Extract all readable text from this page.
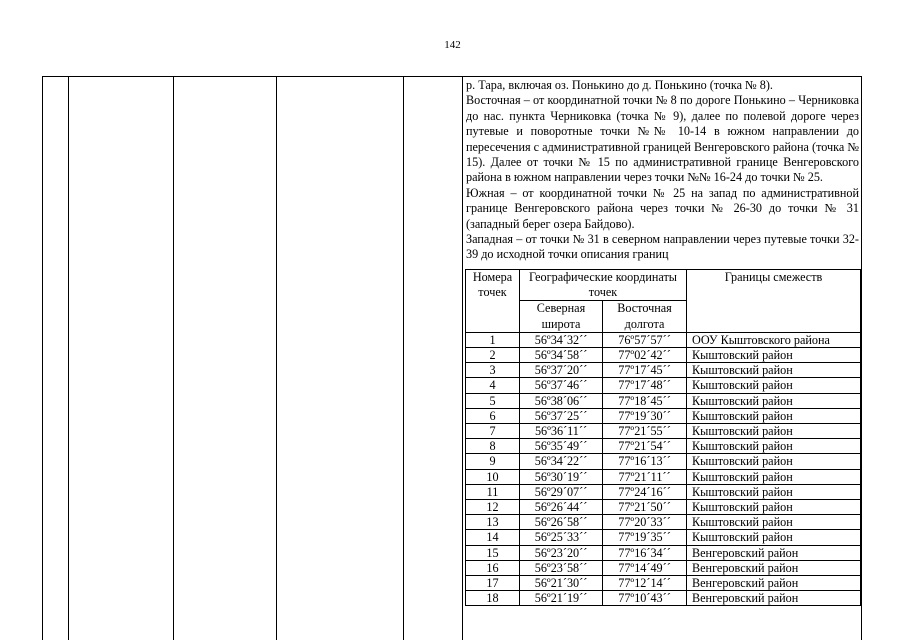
142

р. Тара, включая оз. Понькино до д. Понькино (точка № 8).

Восточная – от координатной точки № 8 по дороге Понькино – Черниковка до нас. пункта Черниковка (точка № 9), далее по полевой дороге через путевые и поворотные точки №№ 10-14 в южном направлении до пересечения с административной границей Венгеровского района (точка № 15). Далее от точки № 15 по административной границе Венгеровского района в южном направлении через точки №№ 16-24 до точки № 25.

Южная – от координатной точки № 25 на запад по административной границе Венгеровского района через точки № 26-30 до точки № 31 (западный берег озера Байдово).

Западная – от точки № 31 в северном направлении через путевые точки 32-39 до исходной точки описания границ

Номера точек	Географические координаты точек		Границы смежеств
	Северная широта	Восточная долгота	
1	56º34´32´´	76º57´57´´	ООУ Кыштовского района
2	56º34´58´´	77º02´42´´	Кыштовский район
3	56º37´20´´	77º17´45´´	Кыштовский район
4	56º37´46´´	77º17´48´´	Кыштовский район
5	56º38´06´´	77º18´45´´	Кыштовский район
6	56º37´25´´	77º19´30´´	Кыштовский район
7	56º36´11´´	77º21´55´´	Кыштовский район
8	56º35´49´´	77º21´54´´	Кыштовский район
9	56º34´22´´	77º16´13´´	Кыштовский район
10	56º30´19´´	77º21´11´´	Кыштовский район
11	56º29´07´´	77º24´16´´	Кыштовский район
12	56º26´44´´	77º21´50´´	Кыштовский район
13	56º26´58´´	77º20´33´´	Кыштовский район
14	56º25´33´´	77º19´35´´	Кыштовский район
15	56º23´20´´	77º16´34´´	Венгеровский район
16	56º23´58´´	77º14´49´´	Венгеровский район
17	56º21´30´´	77º12´14´´	Венгеровский район
18	56º21´19´´	77º10´43´´	Венгеровский район
